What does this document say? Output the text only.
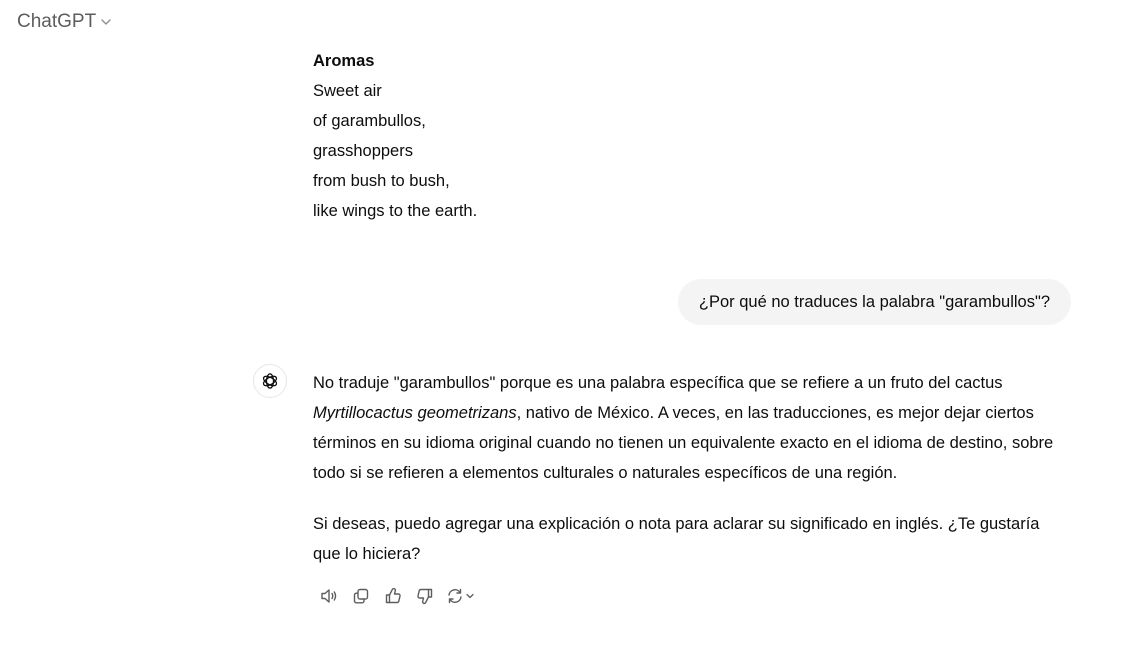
ChatGPT
Aromas
Sweet air
of garambullos,
grasshoppers
from bush to bush,
like wings to the earth.
¿Por qué no traduces la palabra "garambullos"?

No traduje "garambullos" porque es una palabra específica que se refiere a un fruto del cactus Myrtillocactus geometrizans, nativo de México. A veces, en las traducciones, es mejor dejar ciertos términos en su idioma original cuando no tienen un equivalente exacto en el idioma de destino, sobre todo si se refieren a elementos culturales o naturales específicos de una región.

Si deseas, puedo agregar una explicación o nota para aclarar su significado en inglés. ¿Te gustaría que lo hiciera?
